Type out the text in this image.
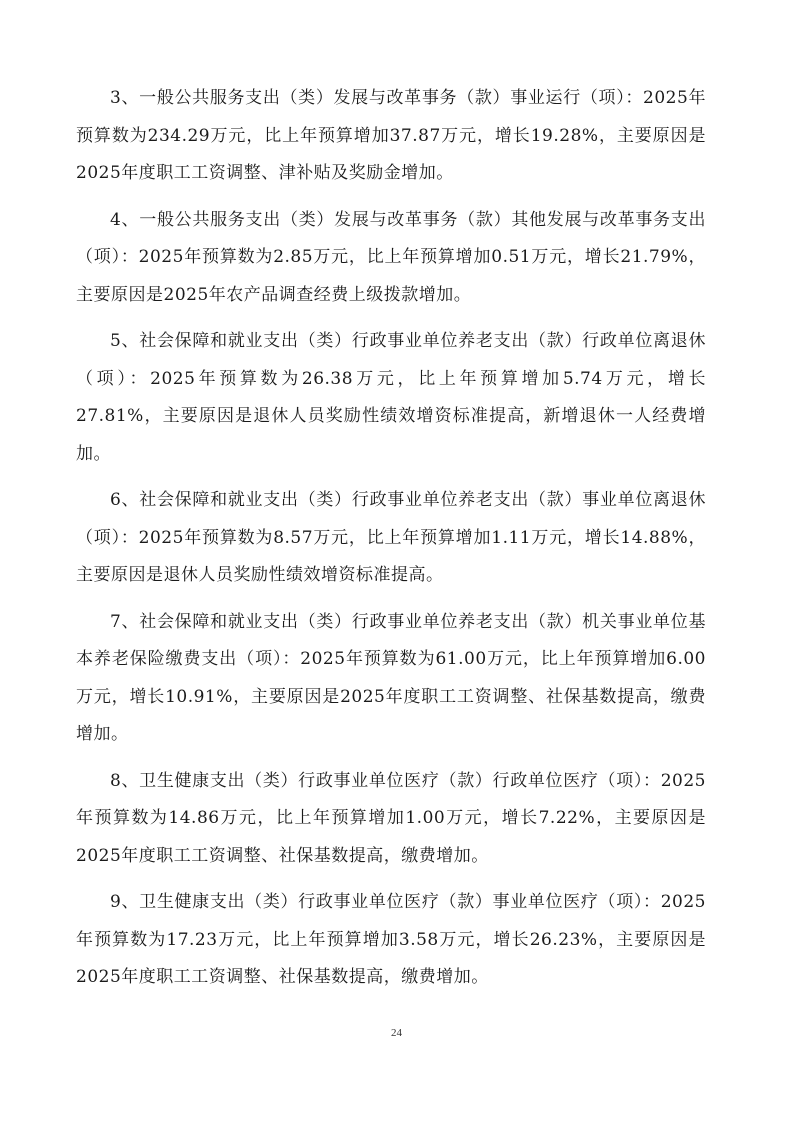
3、一般公共服务支出（类）发展与改革事务（款）事业运行（项）：2025年预算数为234.29万元，比上年预算增加37.87万元，增长19.28%，主要原因是2025年度职工工资调整、津补贴及奖励金增加。

4、一般公共服务支出（类）发展与改革事务（款）其他发展与改革事务支出（项）：2025年预算数为2.85万元，比上年预算增加0.51万元，增长21.79%，主要原因是2025年农产品调查经费上级拨款增加。

5、社会保障和就业支出（类）行政事业单位养老支出（款）行政单位离退休（项）：2025年预算数为26.38万元，比上年预算增加5.74万元，增长27.81%，主要原因是退休人员奖励性绩效增资标准提高，新增退休一人经费增加。

6、社会保障和就业支出（类）行政事业单位养老支出（款）事业单位离退休（项）：2025年预算数为8.57万元，比上年预算增加1.11万元，增长14.88%，主要原因是退休人员奖励性绩效增资标准提高。

7、社会保障和就业支出（类）行政事业单位养老支出（款）机关事业单位基本养老保险缴费支出（项）：2025年预算数为61.00万元，比上年预算增加6.00万元，增长10.91%，主要原因是2025年度职工工资调整、社保基数提高，缴费增加。

8、卫生健康支出（类）行政事业单位医疗（款）行政单位医疗（项）：2025年预算数为14.86万元，比上年预算增加1.00万元，增长7.22%，主要原因是2025年度职工工资调整、社保基数提高，缴费增加。

9、卫生健康支出（类）行政事业单位医疗（款）事业单位医疗（项）：2025年预算数为17.23万元，比上年预算增加3.58万元，增长26.23%，主要原因是2025年度职工工资调整、社保基数提高，缴费增加。

24
